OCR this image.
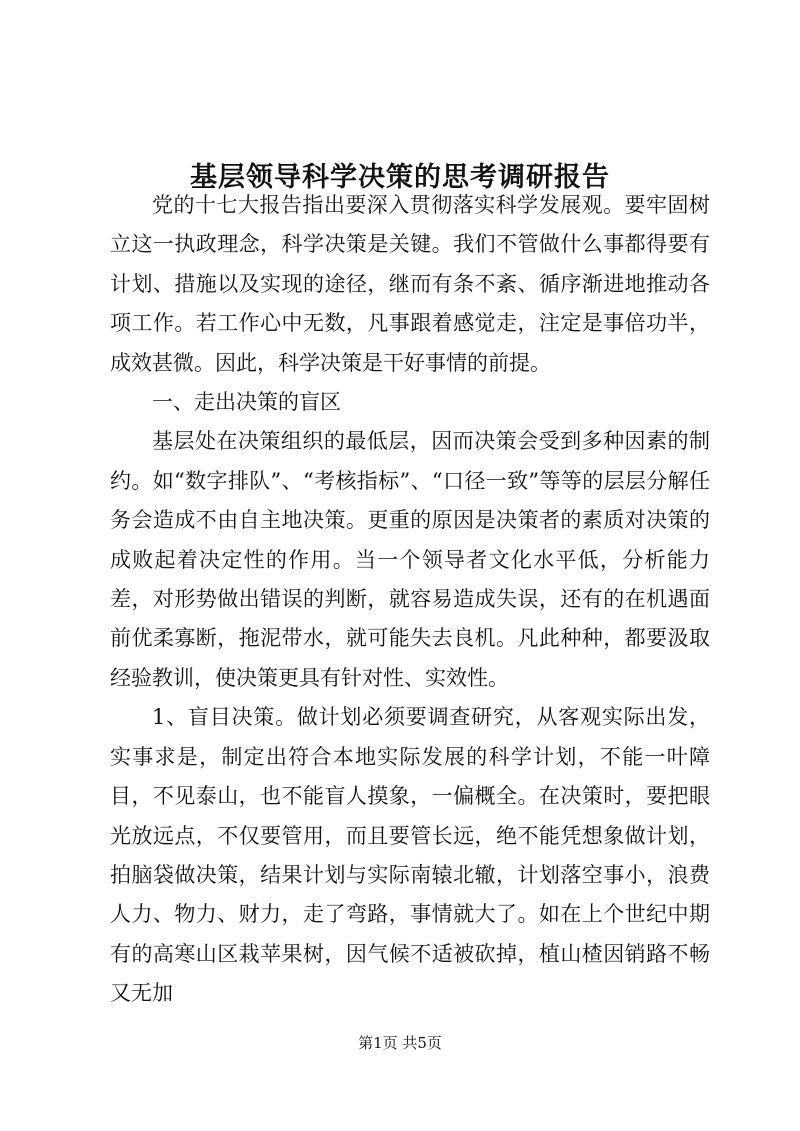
基层领导科学决策的思考调研报告

党的十七大报告指出要深入贯彻落实科学发展观。要牢固树立这一执政理念，科学决策是关键。我们不管做什么事都得要有计划、措施以及实现的途径，继而有条不紊、循序渐进地推动各项工作。若工作心中无数，凡事跟着感觉走，注定是事倍功半，成效甚微。因此，科学决策是干好事情的前提。

一、走出决策的盲区

基层处在决策组织的最低层，因而决策会受到多种因素的制约。如“数字排队”、“考核指标”、“口径一致”等等的层层分解任务会造成不由自主地决策。更重的原因是决策者的素质对决策的成败起着决定性的作用。当一个领导者文化水平低，分析能力差，对形势做出错误的判断，就容易造成失误，还有的在机遇面前优柔寡断，拖泥带水，就可能失去良机。凡此种种，都要汲取经验教训，使决策更具有针对性、实效性。

1、盲目决策。做计划必须要调查研究，从客观实际出发，实事求是，制定出符合本地实际发展的科学计划，不能一叶障目，不见泰山，也不能盲人摸象，一偏概全。在决策时，要把眼光放远点，不仅要管用，而且要管长远，绝不能凭想象做计划，拍脑袋做决策，结果计划与实际南辕北辙，计划落空事小，浪费人力、物力、财力，走了弯路，事情就大了。如在上个世纪中期有的高寒山区栽苹果树，因气候不适被砍掉，植山楂因销路不畅又无加

第1页 共5页
